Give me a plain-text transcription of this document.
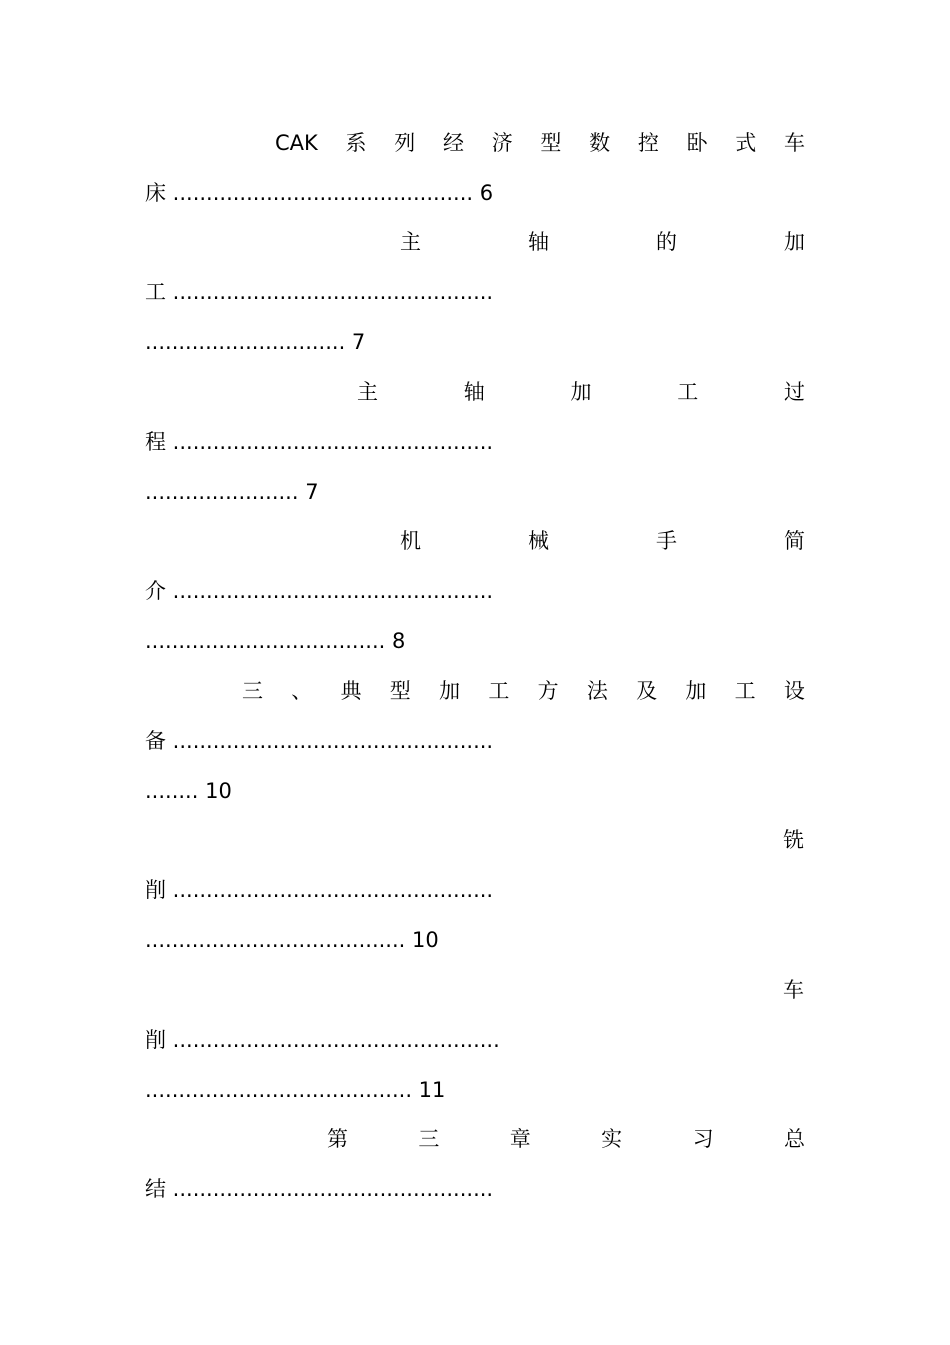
CAK 系 列 经 济 型 数 控 卧 式 车
床 ............................................. 6
主	轴	的	加
工 ................................................
.............................. 7
主	轴	加	工	过
程 ................................................
....................... 7
机	械	手	简
介 ................................................
.................................... 8
三 、 典 型 加 工 方 法 及 加 工 设
备 ................................................
........ 10
铣
削 ................................................
....................................... 10
车
削 .................................................
........................................ 11
第	三	章	实	习	总
结 ................................................
